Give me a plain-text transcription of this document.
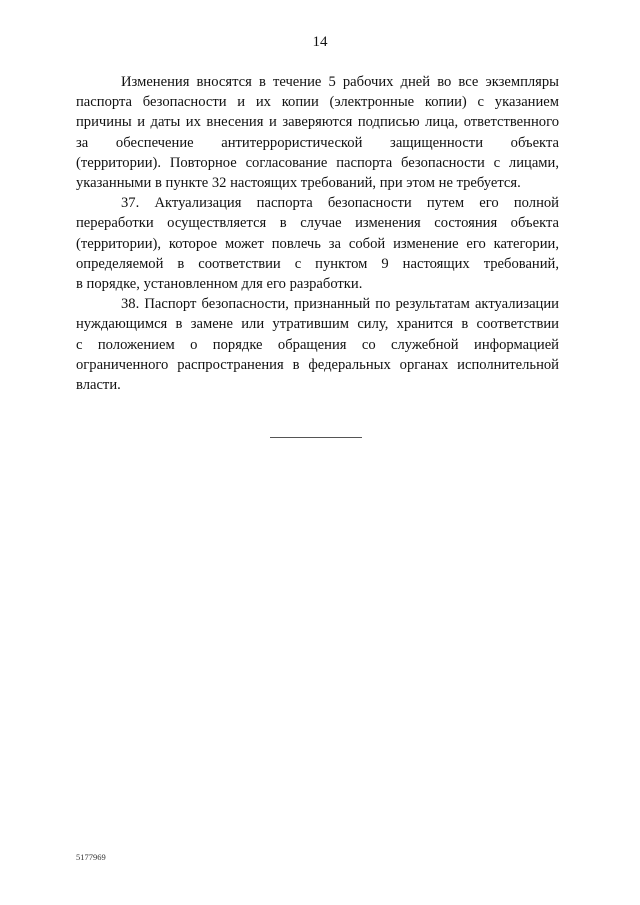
14
Изменения вносятся в течение 5 рабочих дней во все экземпляры
паспорта безопасности и их копии (электронные копии) с указанием
причины и даты их внесения и заверяются подписью лица, ответственного
за обеспечение антитеррористической защищенности объекта
(территории). Повторное согласование паспорта безопасности с лицами,
указанными в пункте 32 настоящих требований, при этом не требуется.
37. Актуализация паспорта безопасности путем его полной
переработки осуществляется в случае изменения состояния объекта
(территории), которое может повлечь за собой изменение его категории,
определяемой в соответствии с пунктом 9 настоящих требований,
в порядке, установленном для его разработки.
38. Паспорт безопасности, признанный по результатам актуализации
нуждающимся в замене или утратившим силу, хранится в соответствии
с положением о порядке обращения со служебной информацией
ограниченного распространения в федеральных органах исполнительной
власти.
5177969
